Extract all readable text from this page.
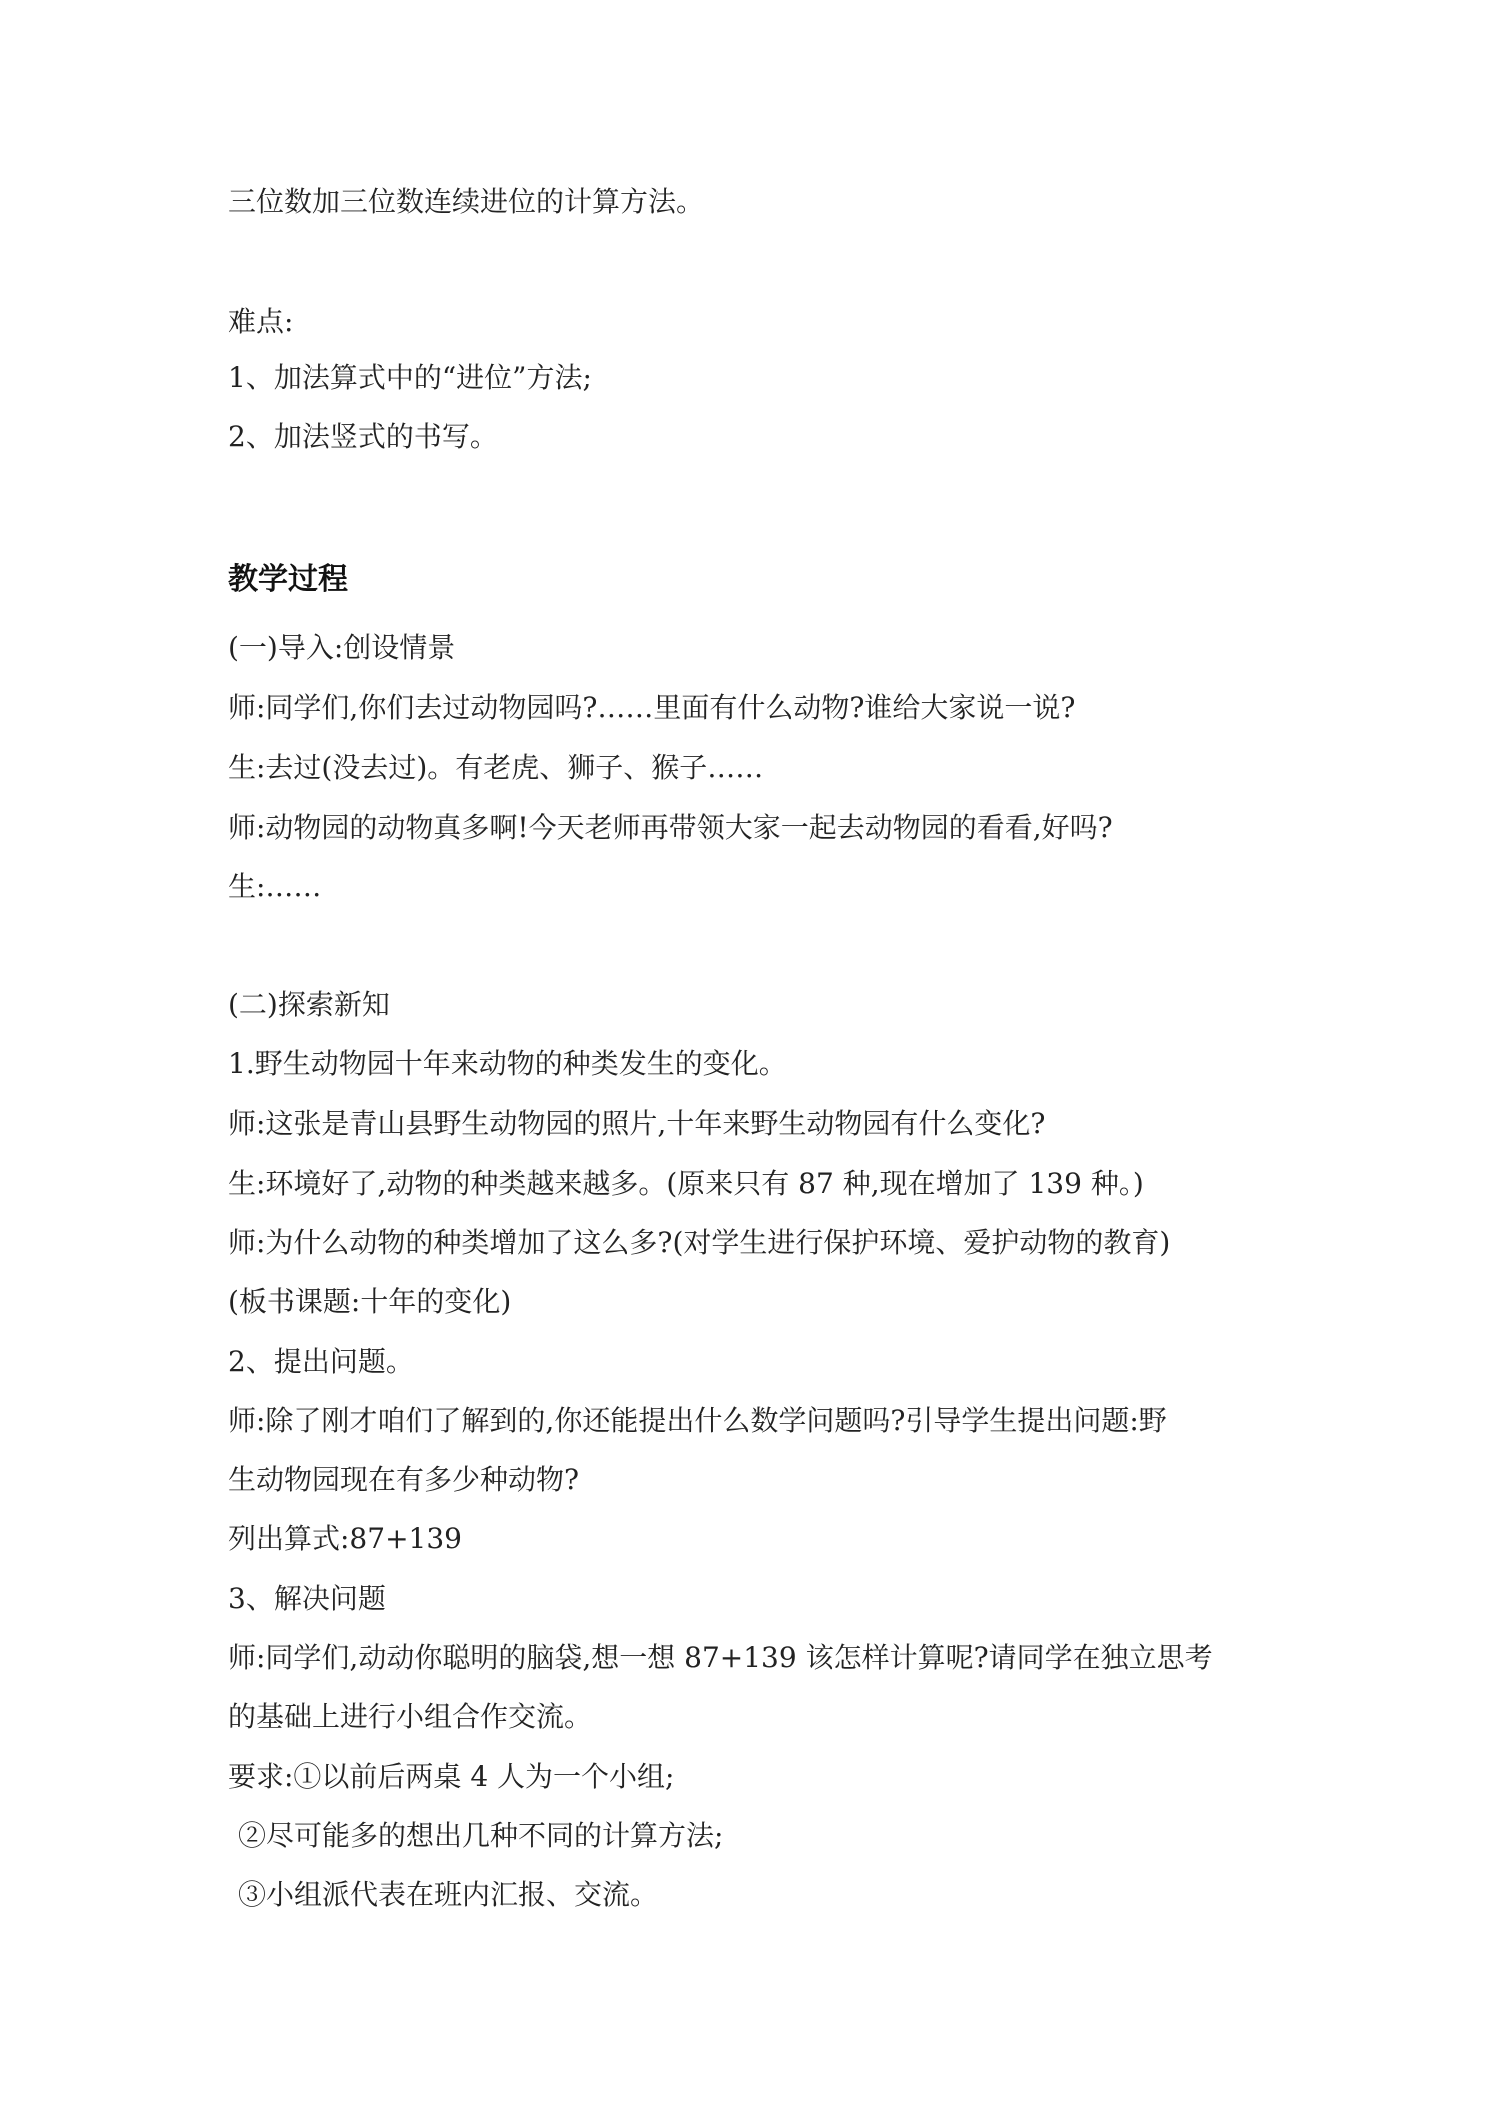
三位数加三位数连续进位的计算方法。

难点:

1、加法算式中的“进位”方法;

2、加法竖式的书写。

教学过程

(一)导入:创设情景

师:同学们,你们去过动物园吗?……里面有什么动物?谁给大家说一说?

生:去过(没去过)。有老虎、狮子、猴子……

师:动物园的动物真多啊!今天老师再带领大家一起去动物园的看看,好吗?

生:……

(二)探索新知

1.野生动物园十年来动物的种类发生的变化。

师:这张是青山县野生动物园的照片,十年来野生动物园有什么变化?

生:环境好了,动物的种类越来越多。(原来只有 87 种,现在增加了 139 种。)

师:为什么动物的种类增加了这么多?(对学生进行保护环境、爱护动物的教育)

(板书课题:十年的变化)

2、提出问题。

师:除了刚才咱们了解到的,你还能提出什么数学问题吗?引导学生提出问题:野

生动物园现在有多少种动物?

列出算式:87+139

3、解决问题

师:同学们,动动你聪明的脑袋,想一想 87+139 该怎样计算呢?请同学在独立思考

的基础上进行小组合作交流。

要求:①以前后两桌 4 人为一个小组;

②尽可能多的想出几种不同的计算方法;

③小组派代表在班内汇报、交流。
